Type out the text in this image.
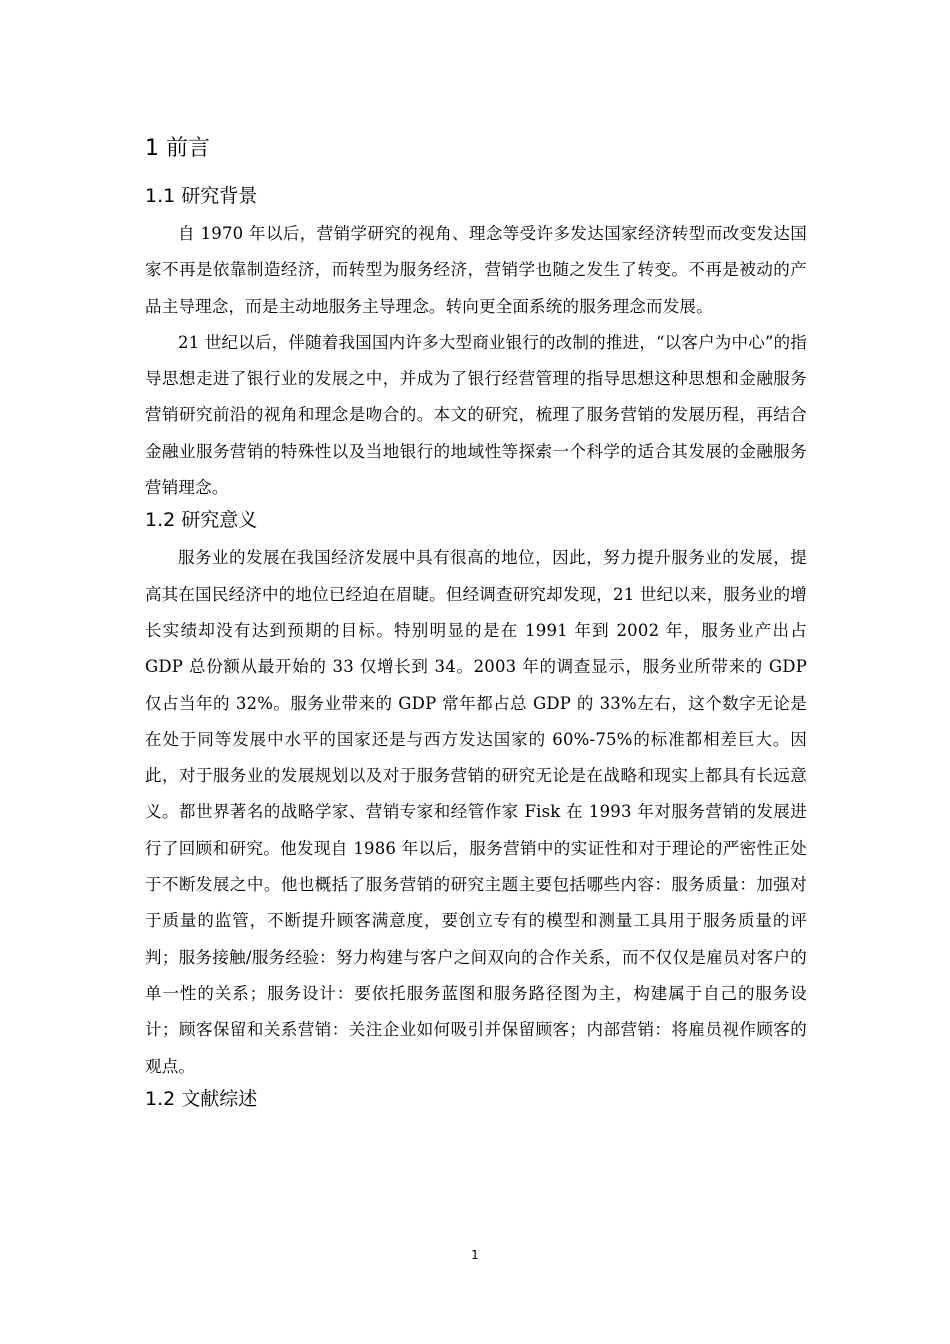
1 前言
1.1 研究背景

自 1970 年以后，营销学研究的视角、理念等受许多发达国家经济转型而改变发达国家不再是依靠制造经济，而转型为服务经济，营销学也随之发生了转变。不再是被动的产品主导理念，而是主动地服务主导理念。转向更全面系统的服务理念而发展。

21 世纪以后，伴随着我国国内许多大型商业银行的改制的推进，“以客户为中心”的指导思想走进了银行业的发展之中，并成为了银行经营管理的指导思想这种思想和金融服务营销研究前沿的视角和理念是吻合的。本文的研究，梳理了服务营销的发展历程，再结合金融业服务营销的特殊性以及当地银行的地域性等探索一个科学的适合其发展的金融服务营销理念。

1.2 研究意义

服务业的发展在我国经济发展中具有很高的地位，因此，努力提升服务业的发展，提高其在国民经济中的地位已经迫在眉睫。但经调查研究却发现，21 世纪以来，服务业的增长实绩却没有达到预期的目标。特别明显的是在 1991 年到 2002 年，服务业产出占 GDP 总份额从最开始的 33 仅增长到 34。2003 年的调查显示，服务业所带来的 GDP 仅占当年的 32%。服务业带来的 GDP 常年都占总 GDP 的 33%左右，这个数字无论是在处于同等发展中水平的国家还是与西方发达国家的 60%-75%的标准都相差巨大。因此，对于服务业的发展规划以及对于服务营销的研究无论是在战略和现实上都具有长远意义。都世界著名的战略学家、营销专家和经管作家 Fisk 在 1993 年对服务营销的发展进行了回顾和研究。他发现自 1986 年以后，服务营销中的实证性和对于理论的严密性正处于不断发展之中。他也概括了服务营销的研究主题主要包括哪些内容：服务质量：加强对于质量的监管，不断提升顾客满意度，要创立专有的模型和测量工具用于服务质量的评判；服务接触/服务经验：努力构建与客户之间双向的合作关系，而不仅仅是雇员对客户的单一性的关系；服务设计：要依托服务蓝图和服务路径图为主，构建属于自己的服务设计；顾客保留和关系营销：关注企业如何吸引并保留顾客；内部营销：将雇员视作顾客的观点。

1.2 文献综述
1
